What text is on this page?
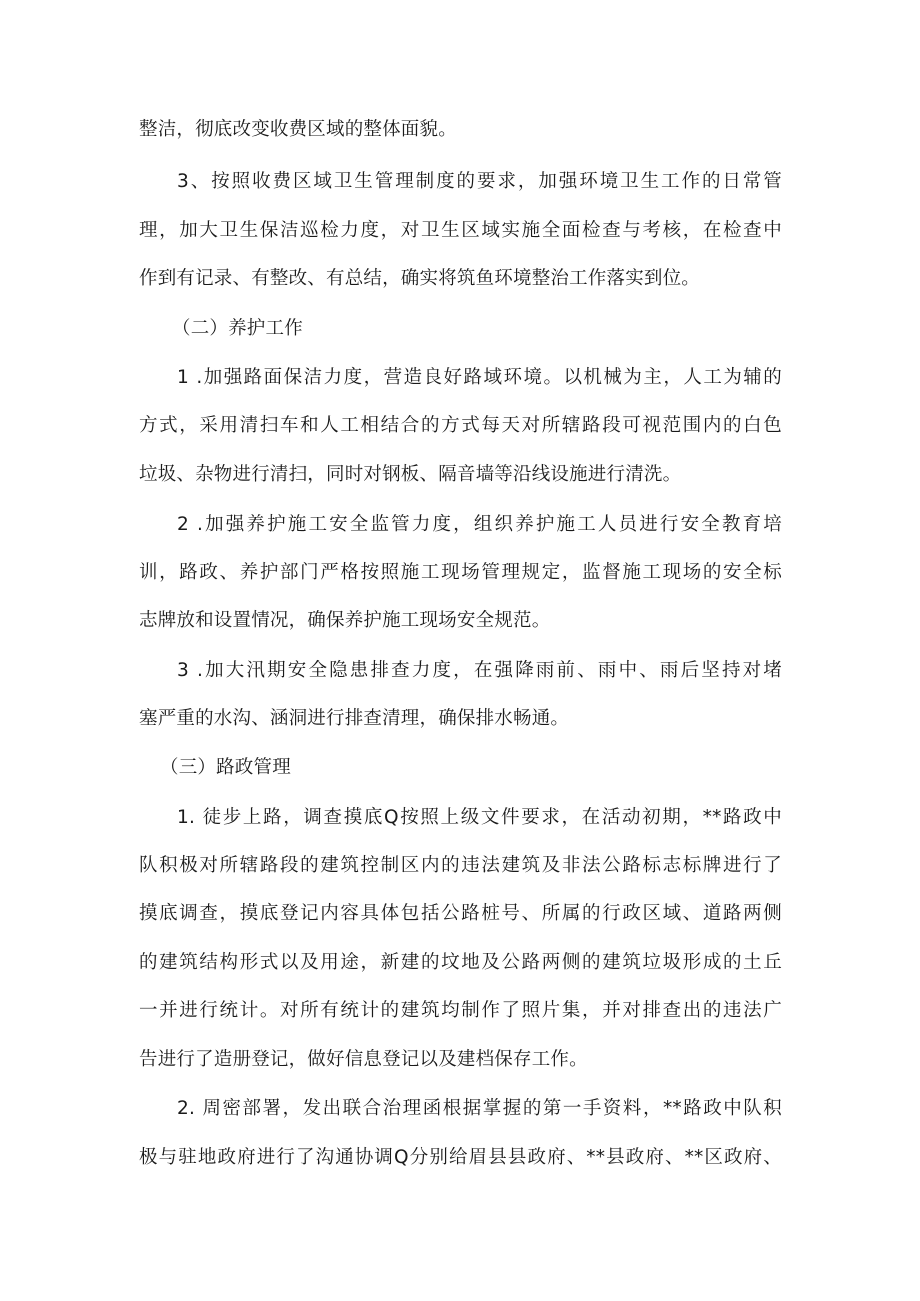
整洁，彻底改变收费区域的整体面貌。
3、按照收费区域卫生管理制度的要求，加强环境卫生工作的日常管
理，加大卫生保洁巡检力度，对卫生区域实施全面检查与考核，在检查中
作到有记录、有整改、有总结，确实将筑鱼环境整治工作落实到位。
（二）养护工作
1 .加强路面保洁力度，营造良好路域环境。以机械为主，人工为辅的
方式，采用清扫车和人工相结合的方式每天对所辖路段可视范围内的白色
垃圾、杂物进行清扫，同时对钢板、隔音墙等沿线设施进行清洗。
2 .加强养护施工安全监管力度，组织养护施工人员进行安全教育培
训，路政、养护部门严格按照施工现场管理规定，监督施工现场的安全标
志牌放和设置情况，确保养护施工现场安全规范。
3 .加大汛期安全隐患排查力度，在强降雨前、雨中、雨后坚持对堵
塞严重的水沟、涵洞进行排查清理，确保排水畅通。
（三）路政管理
1. 徒步上路，调查摸底Q按照上级文件要求，在活动初期，**路政中
队积极对所辖路段的建筑控制区内的违法建筑及非法公路标志标牌进行了
摸底调查，摸底登记内容具体包括公路桩号、所属的行政区域、道路两侧
的建筑结构形式以及用途，新建的坟地及公路两侧的建筑垃圾形成的土丘
一并进行统计。对所有统计的建筑均制作了照片集，并对排查出的违法广
告进行了造册登记，做好信息登记以及建档保存工作。
2. 周密部署，发出联合治理函根据掌握的第一手资料，**路政中队积
极与驻地政府进行了沟通协调Q分别给眉县县政府、**县政府、**区政府、
